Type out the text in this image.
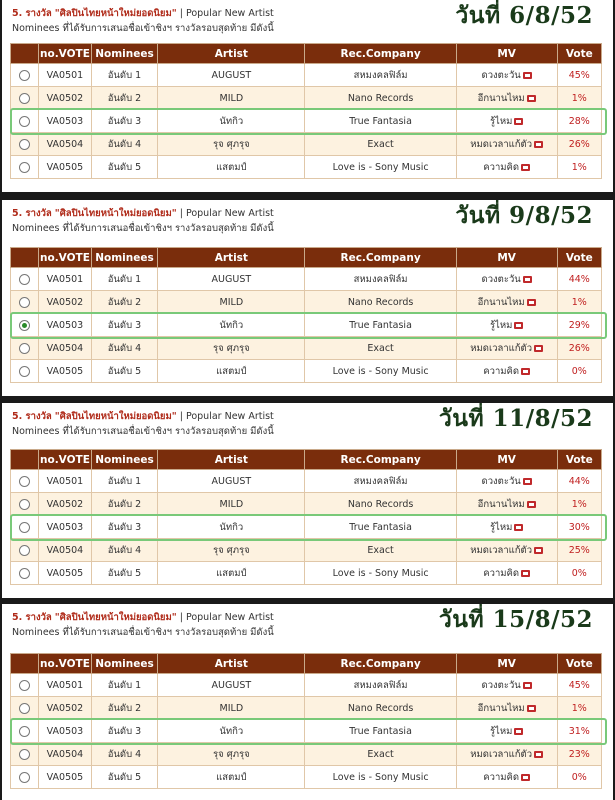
5. รางวัล "ศิลปินไทยหน้าใหม่ยอดนิยม" | Popular New Artist
Nominees ที่ได้รับการเสนอชื่อเข้าชิงฯ รางวัลรอบสุดท้าย มีดังนี้	วันที่ 6/8/52
	no.VOTE	Nominees	Artist	Rec.Company	MV	Vote
	VA0501	อันดับ 1	AUGUST	สหมงคลฟิล์ม	ดวงตะวัน	45%
	VA0502	อันดับ 2	MILD	Nano Records	อีกนานไหม	1%
	VA0503	อันดับ 3	นัทกิว	True Fantasia	รู้ไหม	28%
	VA0504	อันดับ 4	รุจ ศุภรุจ	Exact	หมดเวลาแก้ตัว	26%
	VA0505	อันดับ 5	แสตมป์	Love is - Sony Music	ความคิด	1%
5. รางวัล "ศิลปินไทยหน้าใหม่ยอดนิยม" | Popular New Artist
Nominees ที่ได้รับการเสนอชื่อเข้าชิงฯ รางวัลรอบสุดท้าย มีดังนี้	วันที่ 9/8/52
	no.VOTE	Nominees	Artist	Rec.Company	MV	Vote
	VA0501	อันดับ 1	AUGUST	สหมงคลฟิล์ม	ดวงตะวัน	44%
	VA0502	อันดับ 2	MILD	Nano Records	อีกนานไหม	1%
	VA0503	อันดับ 3	นัทกิว	True Fantasia	รู้ไหม	29%
	VA0504	อันดับ 4	รุจ ศุภรุจ	Exact	หมดเวลาแก้ตัว	26%
	VA0505	อันดับ 5	แสตมป์	Love is - Sony Music	ความคิด	0%
5. รางวัล "ศิลปินไทยหน้าใหม่ยอดนิยม" | Popular New Artist
Nominees ที่ได้รับการเสนอชื่อเข้าชิงฯ รางวัลรอบสุดท้าย มีดังนี้	วันที่ 11/8/52
	no.VOTE	Nominees	Artist	Rec.Company	MV	Vote
	VA0501	อันดับ 1	AUGUST	สหมงคลฟิล์ม	ดวงตะวัน	44%
	VA0502	อันดับ 2	MILD	Nano Records	อีกนานไหม	1%
	VA0503	อันดับ 3	นัทกิว	True Fantasia	รู้ไหม	30%
	VA0504	อันดับ 4	รุจ ศุภรุจ	Exact	หมดเวลาแก้ตัว	25%
	VA0505	อันดับ 5	แสตมป์	Love is - Sony Music	ความคิด	0%
5. รางวัล "ศิลปินไทยหน้าใหม่ยอดนิยม" | Popular New Artist
Nominees ที่ได้รับการเสนอชื่อเข้าชิงฯ รางวัลรอบสุดท้าย มีดังนี้	วันที่ 15/8/52
	no.VOTE	Nominees	Artist	Rec.Company	MV	Vote
	VA0501	อันดับ 1	AUGUST	สหมงคลฟิล์ม	ดวงตะวัน	45%
	VA0502	อันดับ 2	MILD	Nano Records	อีกนานไหม	1%
	VA0503	อันดับ 3	นัทกิว	True Fantasia	รู้ไหม	31%
	VA0504	อันดับ 4	รุจ ศุภรุจ	Exact	หมดเวลาแก้ตัว	23%
	VA0505	อันดับ 5	แสตมป์	Love is - Sony Music	ความคิด	0%
